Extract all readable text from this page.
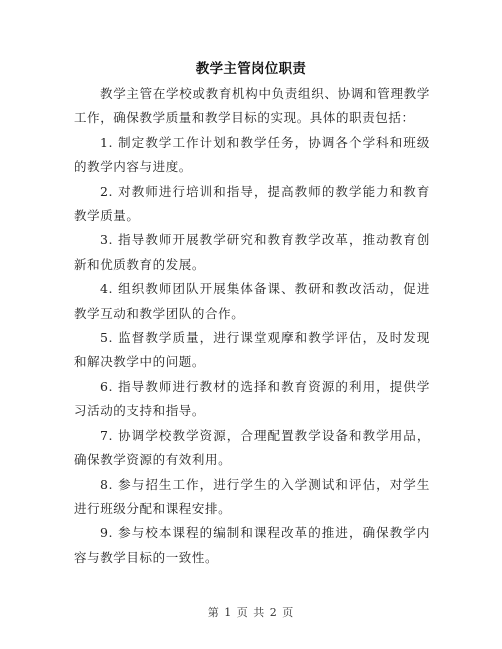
教学主管岗位职责

教学主管在学校或教育机构中负责组织、协调和管理教学工作，确保教学质量和教学目标的实现。具体的职责包括：

1. 制定教学工作计划和教学任务，协调各个学科和班级的教学内容与进度。

2. 对教师进行培训和指导，提高教师的教学能力和教育教学质量。

3. 指导教师开展教学研究和教育教学改革，推动教育创新和优质教育的发展。

4. 组织教师团队开展集体备课、教研和教改活动，促进教学互动和教学团队的合作。

5. 监督教学质量，进行课堂观摩和教学评估，及时发现和解决教学中的问题。

6. 指导教师进行教材的选择和教育资源的利用，提供学习活动的支持和指导。

7. 协调学校教学资源，合理配置教学设备和教学用品，确保教学资源的有效利用。

8. 参与招生工作，进行学生的入学测试和评估，对学生进行班级分配和课程安排。

9. 参与校本课程的编制和课程改革的推进，确保教学内容与教学目标的一致性。

第 1 页 共 2 页
